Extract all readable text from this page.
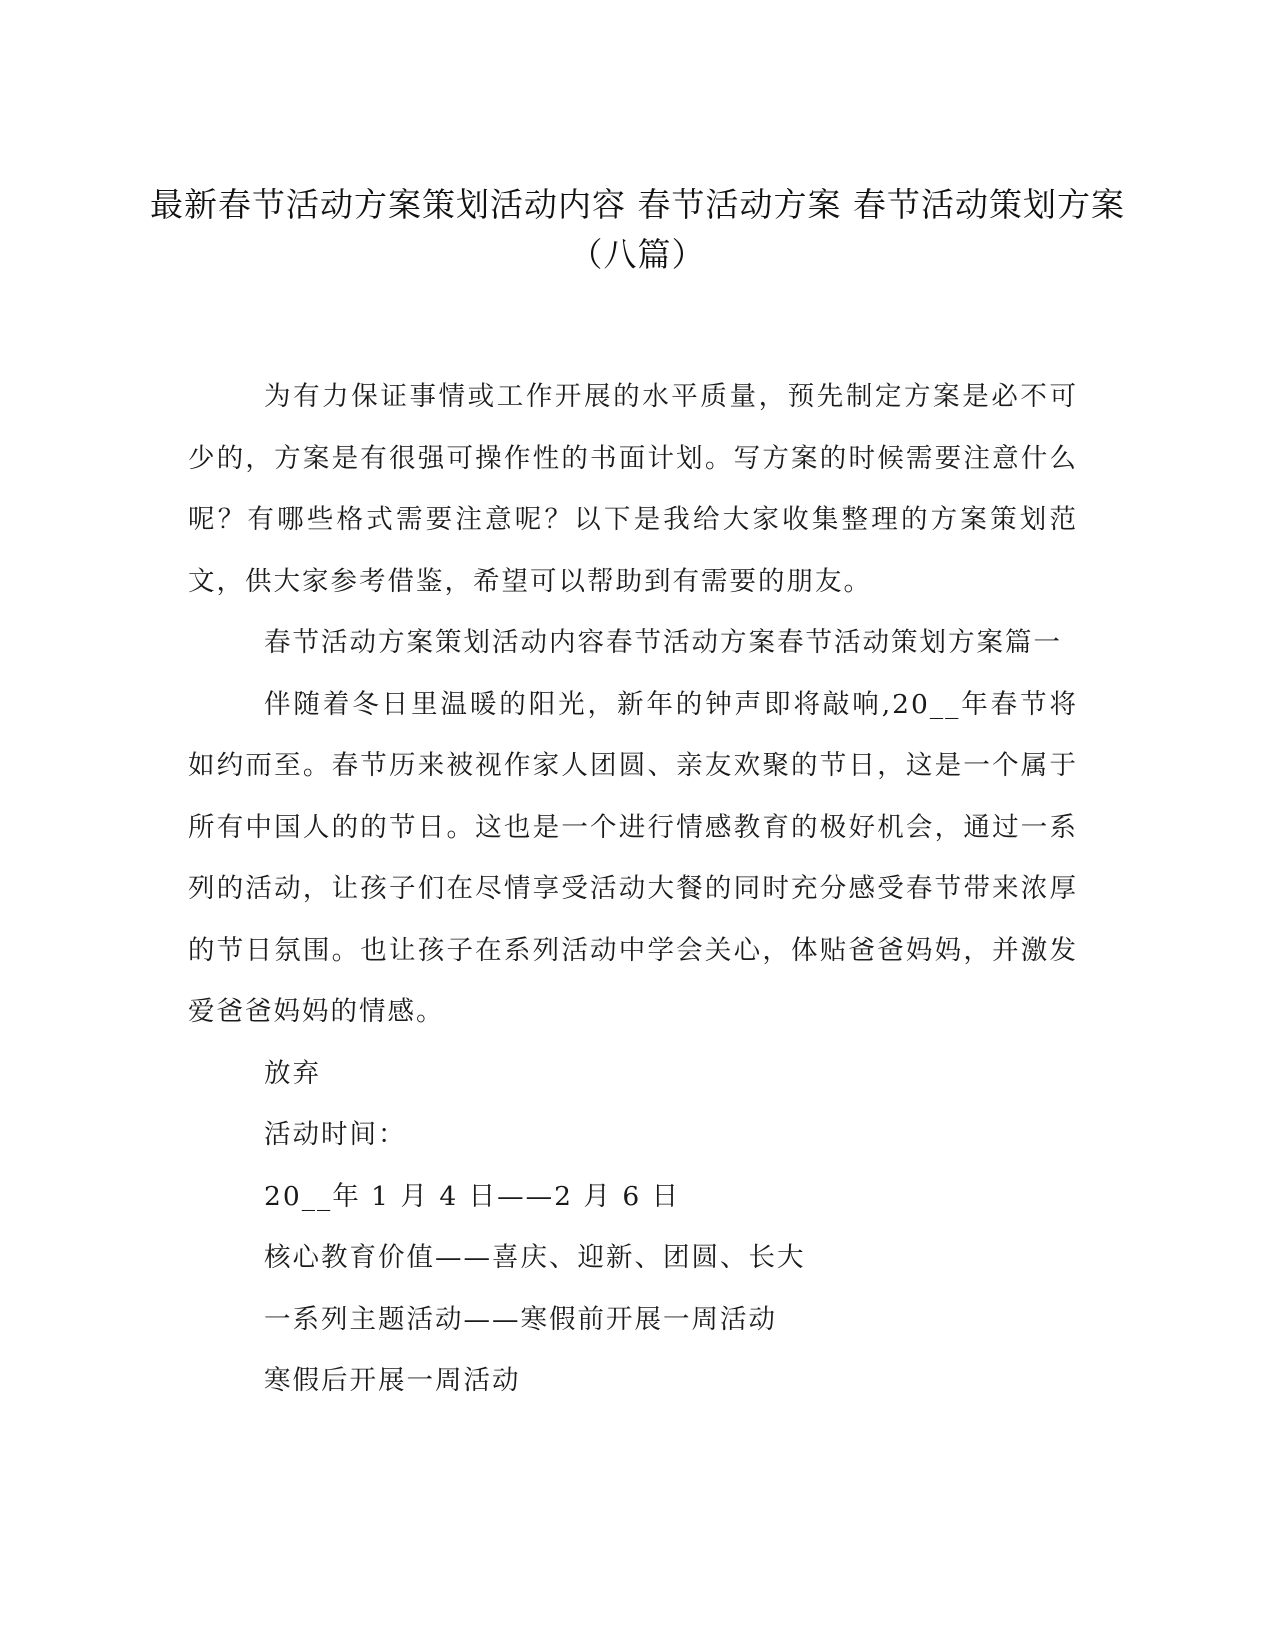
最新春节活动方案策划活动内容 春节活动方案 春节活动策划方案（八篇）

为有力保证事情或工作开展的水平质量，预先制定方案是必不可少的，方案是有很强可操作性的书面计划。写方案的时候需要注意什么呢？有哪些格式需要注意呢？以下是我给大家收集整理的方案策划范文，供大家参考借鉴，希望可以帮助到有需要的朋友。

春节活动方案策划活动内容春节活动方案春节活动策划方案篇一

伴随着冬日里温暖的阳光，新年的钟声即将敲响,20__年春节将如约而至。春节历来被视作家人团圆、亲友欢聚的节日，这是一个属于所有中国人的的节日。这也是一个进行情感教育的极好机会，通过一系列的活动，让孩子们在尽情享受活动大餐的同时充分感受春节带来浓厚的节日氛围。也让孩子在系列活动中学会关心，体贴爸爸妈妈，并激发爱爸爸妈妈的情感。

放弃

活动时间：

20__年 1 月 4 日——2 月 6 日

核心教育价值——喜庆、迎新、团圆、长大

一系列主题活动——寒假前开展一周活动

寒假后开展一周活动
